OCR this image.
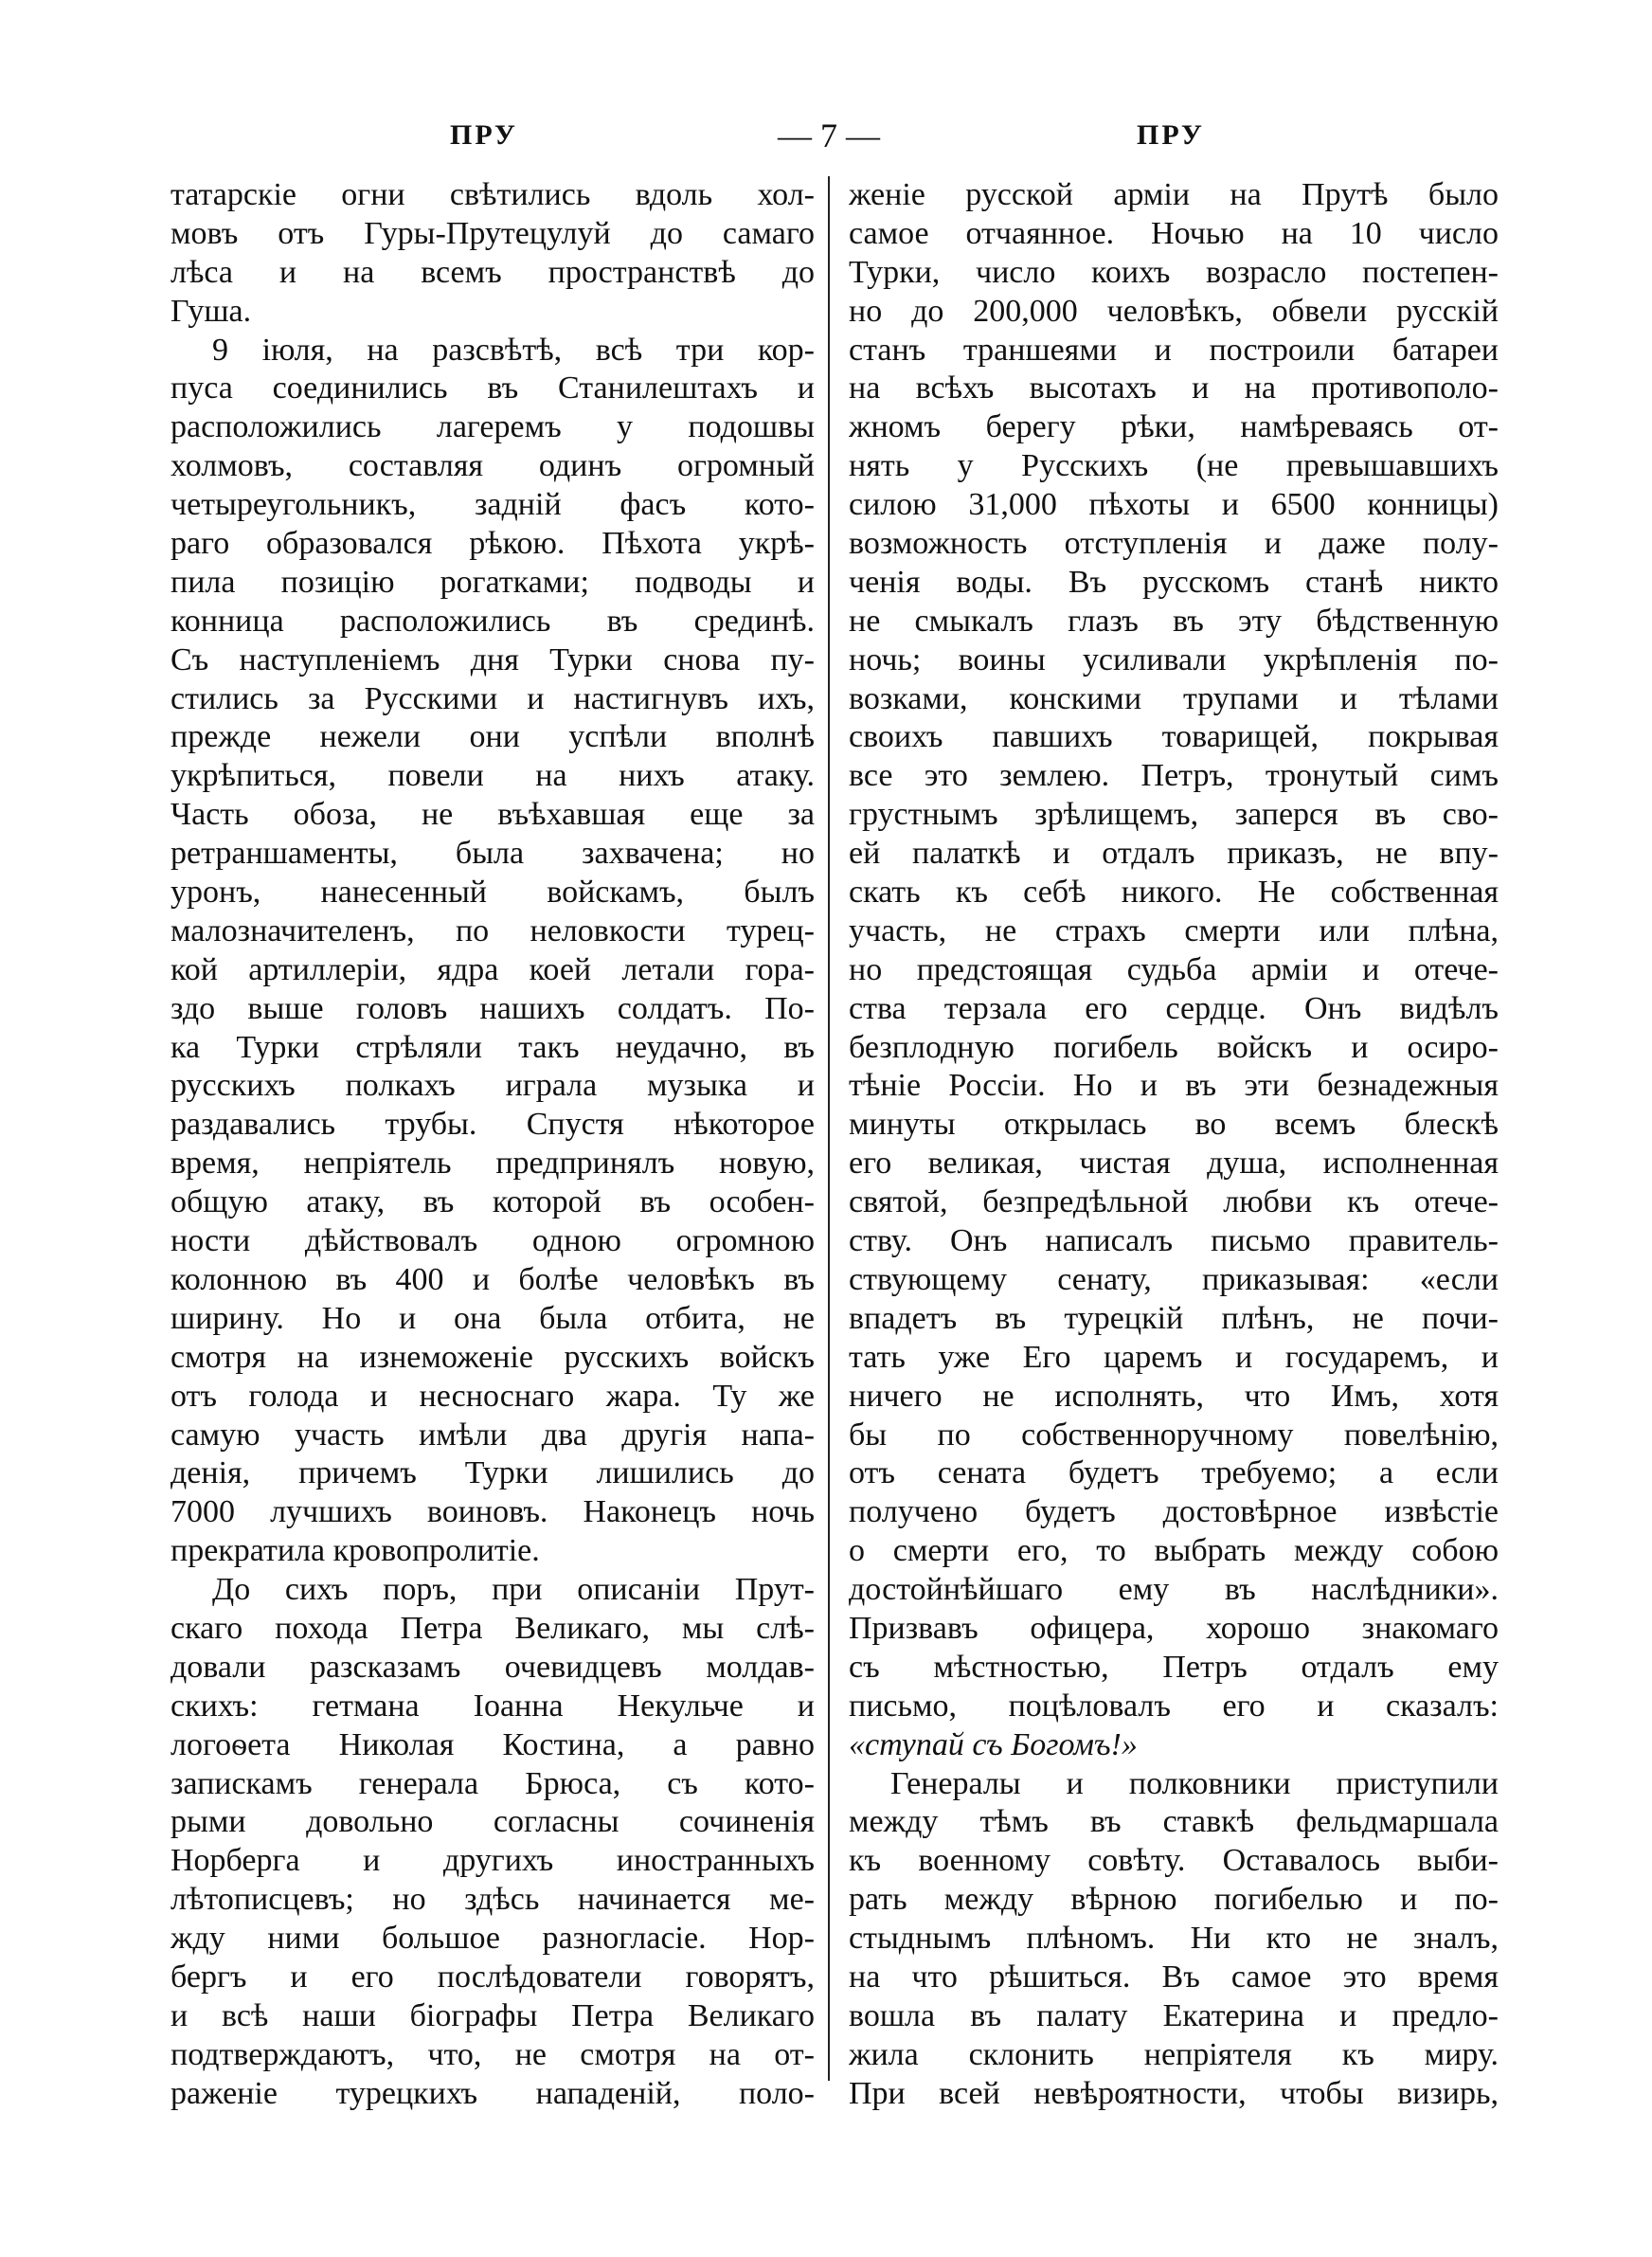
ПРУ	— 7 —	ПРУ
татарскіе огни свѣтились вдоль хол-
мовъ отъ Гуры-Прутецулуй до самаго
лѣса и на всемъ пространствѣ до
Гуша.
9 іюля, на разсвѣтѣ, всѣ три кор-
пуса соединились въ Станилештахъ и
расположились лагеремъ у подошвы
холмовъ, составляя одинъ огромный
четыреугольникъ, задній фасъ кото-
раго образовался рѣкою. Пѣхота укрѣ-
пила позицію рогатками; подводы и
конница расположились въ срединѣ.
Съ наступленіемъ дня Турки снова пу-
стились за Русскими и настигнувъ ихъ,
прежде нежели они успѣли вполнѣ
укрѣпиться, повели на нихъ атаку.
Часть обоза, не въѣхавшая еще за
ретраншаменты, была захвачена; но
уронъ, нанесенный войскамъ, былъ
малозначителенъ, по неловкости турец-
кой артиллеріи, ядра коей летали гора-
здо выше головъ нашихъ солдатъ. По-
ка Турки стрѣляли такъ неудачно, въ
русскихъ полкахъ играла музыка и
раздавались трубы. Спустя нѣкоторое
время, непріятель предпринялъ новую,
общую атаку, въ которой въ особен-
ности дѣйствовалъ одною огромною
колонною въ 400 и болѣе человѣкъ въ
ширину. Но и она была отбита, не
смотря на изнеможеніе русскихъ войскъ
отъ голода и несноснаго жара. Ту же
самую участь имѣли два другія напа-
денія, причемъ Турки лишились до
7000 лучшихъ воиновъ. Наконецъ ночь
прекратила кровопролитіе.
До сихъ поръ, при описаніи Прут-
скаго похода Петра Великаго, мы слѣ-
довали разсказамъ очевидцевъ молдав-
скихъ: гетмана Іоанна Некульче и
логоѳета Николая Костина, а равно
запискамъ генерала Брюса, съ кото-
рыми довольно согласны сочиненія
Норберга и другихъ иностранныхъ
лѣтописцевъ; но здѣсь начинается ме-
жду ними большое разногласіе. Нор-
бергъ и его послѣдователи говорятъ,
и всѣ наши біографы Петра Великаго
подтверждаютъ, что, не смотря на от-
раженіе турецкихъ нападеній, поло-
женіе русской арміи на Прутѣ было
самое отчаянное. Ночью на 10 число
Турки, число коихъ возрасло постепен-
но до 200,000 человѣкъ, обвели русскій
станъ траншеями и построили батареи
на всѣхъ высотахъ и на противополо-
жномъ берегу рѣки, намѣреваясь от-
нять у Русскихъ (не превышавшихъ
силою 31,000 пѣхоты и 6500 конницы)
возможность отступленія и даже полу-
ченія воды. Въ русскомъ станѣ никто
не смыкалъ глазъ въ эту бѣдственную
ночь; воины усиливали укрѣпленія по-
возками, конскими трупами и тѣлами
своихъ павшихъ товарищей, покрывая
все это землею. Петръ, тронутый симъ
грустнымъ зрѣлищемъ, заперся въ сво-
ей палаткѣ и отдалъ приказъ, не впу-
скать къ себѣ никого. Не собственная
участь, не страхъ смерти или плѣна,
но предстоящая судьба арміи и отече-
ства терзала его сердце. Онъ видѣлъ
безплодную погибель войскъ и осиро-
тѣніе Россіи. Но и въ эти безнадежныя
минуты открылась во всемъ блескѣ
его великая, чистая душа, исполненная
святой, безпредѣльной любви къ отече-
ству. Онъ написалъ письмо правитель-
ствующему сенату, приказывая: «если
впадетъ въ турецкій плѣнъ, не почи-
тать уже Его царемъ и государемъ, и
ничего не исполнять, что Имъ, хотя
бы по собственноручному повелѣнію,
отъ сената будетъ требуемо; а если
получено будетъ достовѣрное извѣстіе
о смерти его, то выбрать между собою
достойнѣйшаго ему въ наслѣдники».
Призвавъ офицера, хорошо знакомаго
съ мѣстностью, Петръ отдалъ ему
письмо, поцѣловалъ его и сказалъ:
«ступай съ Богомъ!»
Генералы и полковники приступили
между тѣмъ въ ставкѣ фельдмаршала
къ военному совѣту. Оставалось выби-
рать между вѣрною погибелью и по-
стыднымъ плѣномъ. Ни кто не зналъ,
на что рѣшиться. Въ самое это время
вошла въ палату Екатерина и предло-
жила склонить непріятеля къ миру.
При всей невѣроятности, чтобы визирь,
